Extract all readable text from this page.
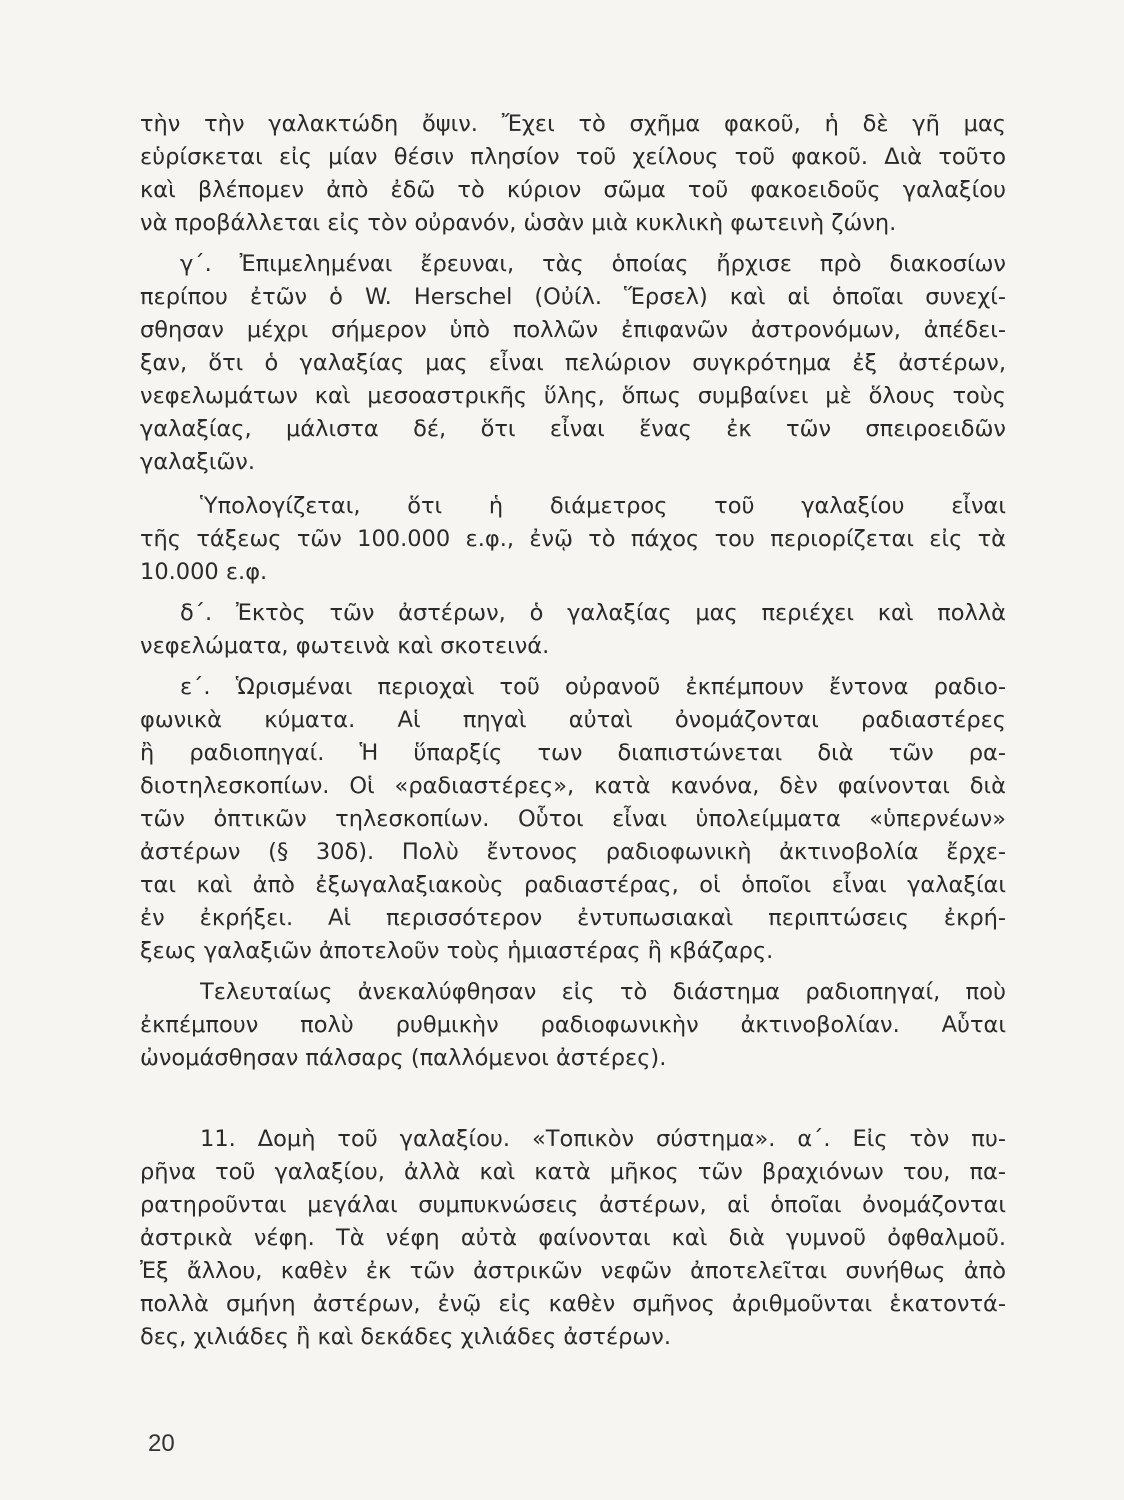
τὴν τὴν γαλακτώδη ὄψιν. Ἔχει τὸ σχῆμα φακοῦ, ἡ δὲ γῆ μας
εὑρίσκεται εἰς μίαν θέσιν πλησίον τοῦ χείλους τοῦ φακοῦ. Διὰ τοῦτο
καὶ βλέπομεν ἀπὸ ἐδῶ τὸ κύριον σῶμα τοῦ φακοειδοῦς γαλαξίου
νὰ προβάλλεται εἰς τὸν οὐρανόν, ὡσὰν μιὰ κυκλικὴ φωτεινὴ ζώνη.
γ΄. Ἐπιμελημέναι ἔρευναι, τὰς ὁποίας ἤρχισε πρὸ διακοσίων
περίπου ἐτῶν ὁ W. Herschel (Οὐίλ. Ἕρσελ) καὶ αἱ ὁποῖαι συνεχί-
σθησαν μέχρι σήμερον ὑπὸ πολλῶν ἐπιφανῶν ἀστρονόμων, ἀπέδει-
ξαν, ὅτι ὁ γαλαξίας μας εἶναι πελώριον συγκρότημα ἐξ ἀστέρων,
νεφελωμάτων καὶ μεσοαστρικῆς ὕλης, ὅπως συμβαίνει μὲ ὅλους τοὺς
γαλαξίας, μάλιστα δέ, ὅτι εἶναι ἕνας ἐκ τῶν σπειροειδῶν
γαλαξιῶν.
Ὑπολογίζεται, ὅτι ἡ διάμετρος τοῦ γαλαξίου εἶναι
τῆς τάξεως τῶν 100.000 ε.φ., ἐνῷ τὸ πάχος του περιορίζεται εἰς τὰ
10.000 ε.φ.
δ΄. Ἐκτὸς τῶν ἀστέρων, ὁ γαλαξίας μας περιέχει καὶ πολλὰ
νεφελώματα, φωτεινὰ καὶ σκοτεινά.
ε΄. Ὡρισμέναι περιοχαὶ τοῦ οὐρανοῦ ἐκπέμπουν ἔντονα ραδιο-
φωνικὰ κύματα. Αἱ πηγαὶ αὐταὶ ὀνομάζονται ραδιαστέρες
ἢ ραδιοπηγαί. Ἡ ὕπαρξίς των διαπιστώνεται διὰ τῶν ρα-
διοτηλεσκοπίων. Οἱ «ραδιαστέρες», κατὰ κανόνα, δὲν φαίνονται διὰ
τῶν ὀπτικῶν τηλεσκοπίων. Οὗτοι εἶναι ὑπολείμματα «ὑπερνέων»
ἀστέρων (§ 30δ). Πολὺ ἔντονος ραδιοφωνικὴ ἀκτινοβολία ἔρχε-
ται καὶ ἀπὸ ἐξωγαλαξιακοὺς ραδιαστέρας, οἱ ὁποῖοι εἶναι γαλαξίαι
ἐν ἐκρήξει. Αἱ περισσότερον ἐντυπωσιακαὶ περιπτώσεις ἐκρή-
ξεως γαλαξιῶν ἀποτελοῦν τοὺς ἡμιαστέρας ἢ κβάζαρς.
Τελευταίως ἀνεκαλύφθησαν εἰς τὸ διάστημα ραδιοπηγαί, ποὺ
ἐκπέμπουν πολὺ ρυθμικὴν ραδιοφωνικὴν ἀκτινοβολίαν. Αὗται
ὠνομάσθησαν πάλσαρς (παλλόμενοι ἀστέρες).
11. Δομὴ τοῦ γαλαξίου. «Τοπικὸν σύστημα». α΄. Εἰς τὸν πυ-
ρῆνα τοῦ γαλαξίου, ἀλλὰ καὶ κατὰ μῆκος τῶν βραχιόνων του, πα-
ρατηροῦνται μεγάλαι συμπυκνώσεις ἀστέρων, αἱ ὁποῖαι ὀνομάζονται
ἀστρικὰ νέφη. Τὰ νέφη αὐτὰ φαίνονται καὶ διὰ γυμνοῦ ὀφθαλμοῦ.
Ἐξ ἄλλου, καθὲν ἐκ τῶν ἀστρικῶν νεφῶν ἀποτελεῖται συνήθως ἀπὸ
πολλὰ σμήνη ἀστέρων, ἐνῷ εἰς καθὲν σμῆνος ἀριθμοῦνται ἑκατοντά-
δες, χιλιάδες ἢ καὶ δεκάδες χιλιάδες ἀστέρων.
20
